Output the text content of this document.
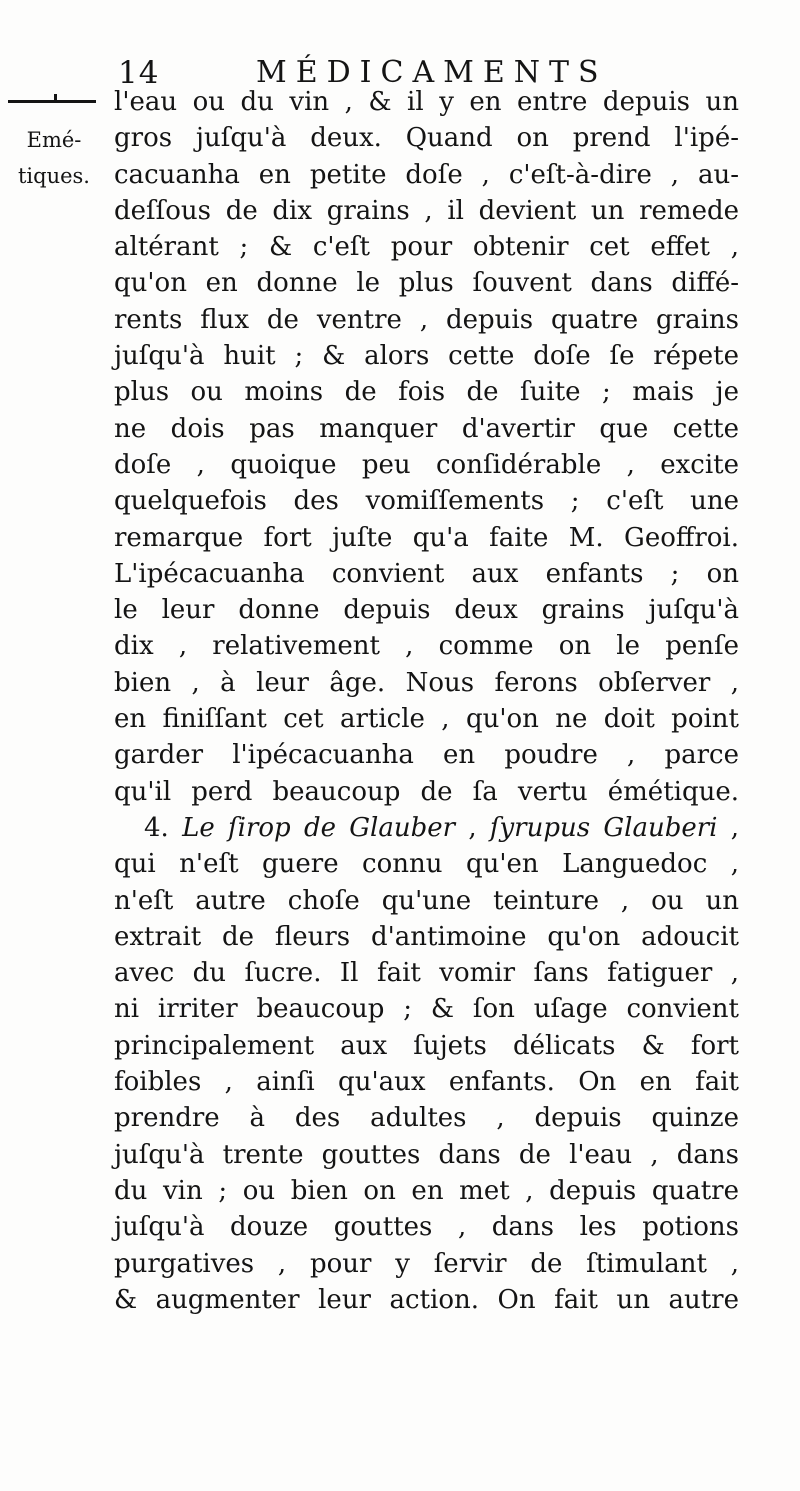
14	MÉDICAMENTS
Emé-
tiques.
l'eau ou du vin , & il y en entre depuis un
gros juſqu'à deux. Quand on prend l'ipé-
cacuanha en petite doſe , c'eſt-à-dire , au-
deſſous de dix grains , il devient un remede
altérant ; & c'eſt pour obtenir cet effet ,
qu'on en donne le plus ſouvent dans diffé-
rents flux de ventre , depuis quatre grains
juſqu'à huit ; & alors cette doſe ſe répete
plus ou moins de fois de ſuite ; mais je
ne dois pas manquer d'avertir que cette
doſe , quoique peu conſidérable , excite
quelquefois des vomiſſements ; c'eſt une
remarque fort juſte qu'a faite M. Geoffroi.
L'ipécacuanha convient aux enfants ; on
le leur donne depuis deux grains juſqu'à
dix , relativement , comme on le penſe
bien , à leur âge. Nous ferons obſerver ,
en finiſſant cet article , qu'on ne doit point
garder l'ipécacuanha en poudre , parce
qu'il perd beaucoup de ſa vertu émétique.
4. Le ſirop de Glauber , ſyrupus Glauberi ,
qui n'eſt guere connu qu'en Languedoc ,
n'eſt autre choſe qu'une teinture , ou un
extrait de fleurs d'antimoine qu'on adoucit
avec du ſucre. Il fait vomir ſans fatiguer ,
ni irriter beaucoup ; & ſon uſage convient
principalement aux ſujets délicats & fort
foibles , ainſi qu'aux enfants. On en fait
prendre à des adultes , depuis quinze
juſqu'à trente gouttes dans de l'eau , dans
du vin ; ou bien on en met , depuis quatre
juſqu'à douze gouttes , dans les potions
purgatives , pour y ſervir de ſtimulant ,
& augmenter leur action. On fait un autre
